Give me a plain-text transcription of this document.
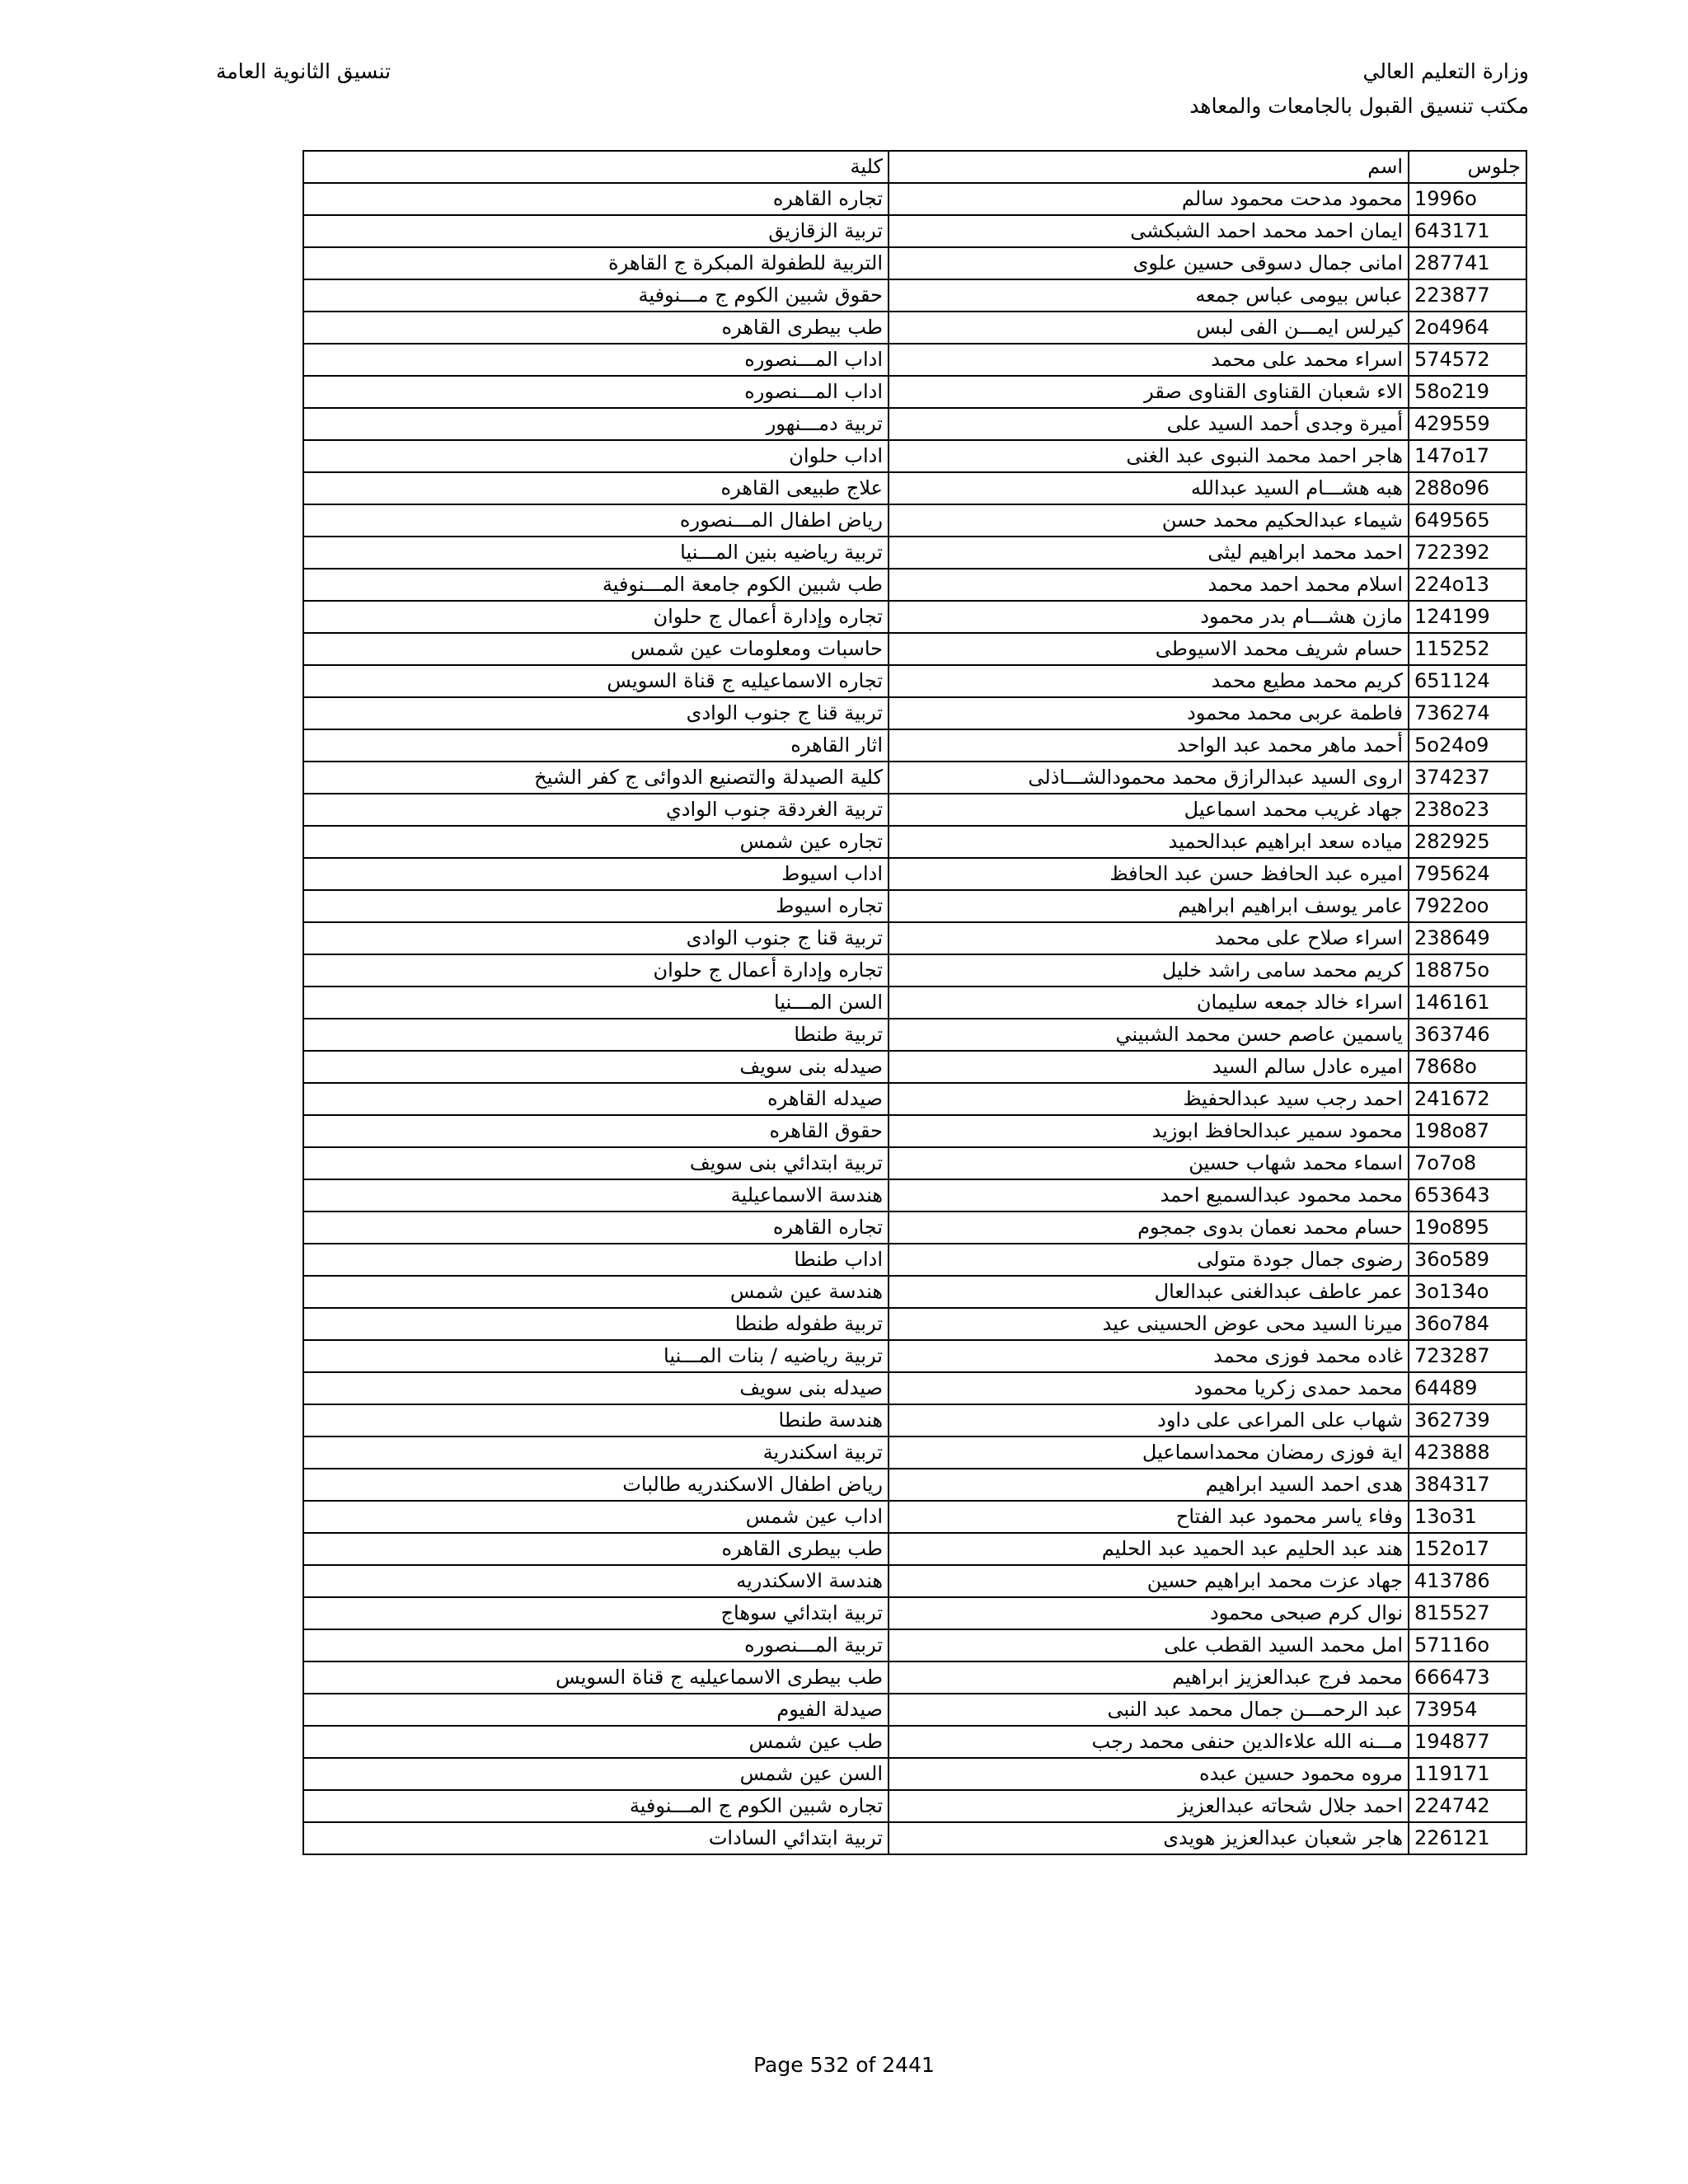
وزارة التعليم العالي
مكتب تنسيق القبول بالجامعات والمعاهد
تنسيق الثانوية العامة
جلوس	اسم	كلية
1996o	محمود مدحت محمود سالم	تجاره القاهره
643171	ايمان احمد محمد احمد الشبكشى	تربية الزقازيق
287741	امانى جمال دسوقى حسين علوى	التربية للطفولة المبكرة ج القاهرة
223877	عباس بيومى عباس جمعه	حقوق شبين الكوم ج مـــنوفية
2o4964	كيرلس ايمـــن الفى لبس	طب بيطرى القاهره
574572	اسراء محمد على محمد	اداب المـــنصوره
58o219	الاء شعبان القناوى القناوى صقر	اداب المـــنصوره
429559	أميرة وجدى أحمد السيد على	تربية دمـــنهور
147o17	هاجر احمد محمد النبوى عبد الغنى	اداب حلوان
288o96	هبه هشـــام السيد عبدالله	علاج طبيعى القاهره
649565	شيماء عبدالحكيم محمد حسن	رياض اطفال المـــنصوره
722392	احمد محمد ابراهيم ليثى	تربية رياضيه بنين المـــنيا
224o13	اسلام محمد احمد محمد	طب شبين الكوم جامعة المـــنوفية
124199	مازن هشـــام بدر محمود	تجاره وإدارة أعمال ج حلوان
115252	حسام شريف محمد الاسيوطى	حاسبات ومعلومات عين شمس
651124	كريم محمد مطيع محمد	تجاره الاسماعيليه ج قناة السويس
736274	فاطمة عربى محمد محمود	تربية قنا ج جنوب الوادى
5o24o9	أحمد ماهر محمد عبد الواحد	اثار القاهره
374237	اروى السيد عبدالرازق محمد محمودالشـــاذلى	كلية الصيدلة والتصنيع الدوائى ج كفر الشيخ
238o23	جهاد غريب محمد اسماعيل	تربية الغردقة جنوب الوادي
282925	مياده سعد ابراهيم عبدالحميد	تجاره عين شمس
795624	اميره عبد الحافظ حسن عبد الحافظ	اداب اسيوط
7922oo	عامر يوسف ابراهيم ابراهيم	تجاره اسيوط
238649	اسراء صلاح على محمد	تربية قنا ج جنوب الوادى
18875o	كريم محمد سامى راشد خليل	تجاره وإدارة أعمال ج حلوان
146161	اسراء خالد جمعه سليمان	السن المـــنيا
363746	ياسمين عاصم حسن محمد الشبيني	تربية طنطا
7868o	اميره عادل سالم السيد	صيدله بنى سويف
241672	احمد رجب سيد عبدالحفيظ	صيدله القاهره
198o87	محمود سمير عبدالحافظ ابوزيد	حقوق القاهره
7o7o8	اسماء محمد شهاب حسين	تربية ابتدائي بنى سويف
653643	محمد محمود عبدالسميع احمد	هندسة الاسماعيلية
19o895	حسام محمد نعمان بدوى جمجوم	تجاره القاهره
36o589	رضوى جمال جودة متولى	اداب طنطا
3o134o	عمر عاطف عبدالغنى عبدالعال	هندسة عين شمس
36o784	ميرنا السيد محى عوض الحسينى عيد	تربية طفوله طنطا
723287	غاده محمد فوزى محمد	تربية رياضيه / بنات المـــنيا
64489	محمد حمدى زكريا محمود	صيدله بنى سويف
362739	شهاب على المراعى على داود	هندسة طنطا
423888	اية فوزى رمضان محمداسماعيل	تربية اسكندرية
384317	هدى احمد السيد ابراهيم	رياض اطفال الاسكندريه طالبات
13o31	وفاء ياسر محمود عبد الفتاح	اداب عين شمس
152o17	هند عبد الحليم عبد الحميد عبد الحليم	طب بيطرى القاهره
413786	جهاد عزت محمد ابراهيم حسين	هندسة الاسكندريه
815527	نوال كرم صبحى محمود	تربية ابتدائي سوهاج
57116o	امل محمد السيد القطب على	تربية المـــنصوره
666473	محمد فرج عبدالعزيز ابراهيم	طب بيطرى الاسماعيليه ج قناة السويس
73954	عبد الرحمـــن جمال محمد عبد النبى	صيدلة الفيوم
194877	مـــنه الله علاءالدين حنفى محمد رجب	طب عين شمس
119171	مروه محمود حسين عبده	السن عين شمس
224742	احمد جلال شحاته عبدالعزيز	تجاره شبين الكوم ج المـــنوفية
226121	هاجر شعبان عبدالعزيز هويدى	تربية ابتدائي السادات
Page 532 of 2441
